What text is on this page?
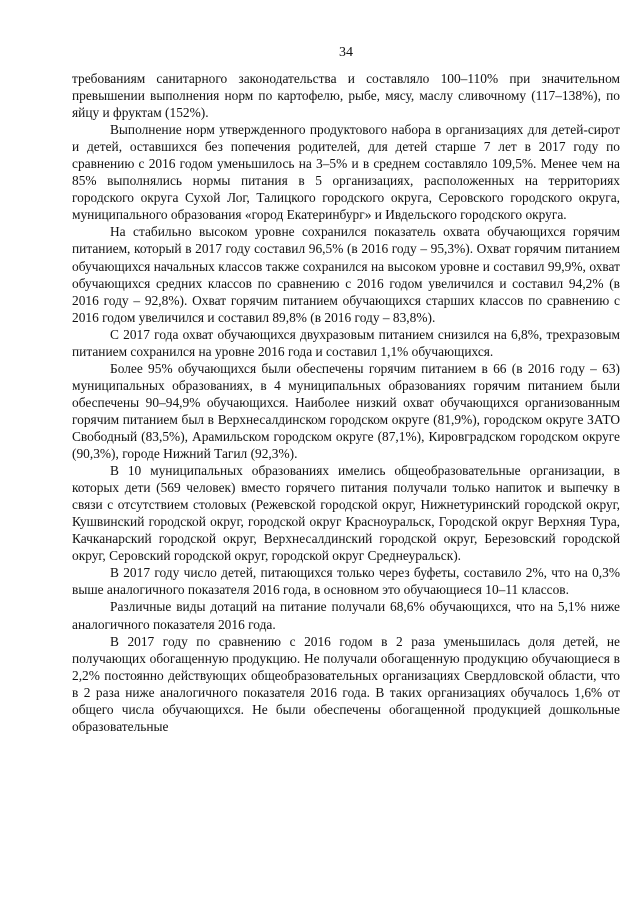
34

требованиям санитарного законодательства и составляло 100–110% при значительном превышении выполнения норм по картофелю, рыбе, мясу, маслу сливочному (117–138%), по яйцу и фруктам (152%).

Выполнение норм утвержденного продуктового набора в организациях для детей-сирот и детей, оставшихся без попечения родителей, для детей старше 7 лет в 2017 году по сравнению с 2016 годом уменьшилось на 3–5% и в среднем составляло 109,5%. Менее чем на 85% выполнялись нормы питания в 5 организациях, расположенных на территориях городского округа Сухой Лог, Талицкого городского округа, Серовского городского округа, муниципального образования «город Екатеринбург» и Ивдельского городского округа.

На стабильно высоком уровне сохранился показатель охвата обучающихся горячим питанием, который в 2017 году составил 96,5% (в 2016 году – 95,3%). Охват горячим питанием обучающихся начальных классов также сохранился на высоком уровне и составил 99,9%, охват обучающихся средних классов по сравнению с 2016 годом увеличился и составил 94,2% (в 2016 году – 92,8%). Охват горячим питанием обучающихся старших классов по сравнению с 2016 годом увеличился и составил 89,8% (в 2016 году – 83,8%).

С 2017 года охват обучающихся двухразовым питанием снизился на 6,8%, трехразовым питанием сохранился на уровне 2016 года и составил 1,1% обучающихся.

Более 95% обучающихся были обеспечены горячим питанием в 66 (в 2016 году – 63) муниципальных образованиях, в 4 муниципальных образованиях горячим питанием были обеспечены 90–94,9% обучающихся. Наиболее низкий охват обучающихся организованным горячим питанием был в Верхнесалдинском городском округе (81,9%), городском округе ЗАТО Свободный (83,5%), Арамильском городском округе (87,1%), Кировградском городском округе (90,3%), городе Нижний Тагил (92,3%).

В 10 муниципальных образованиях имелись общеобразовательные организации, в которых дети (569 человек) вместо горячего питания получали только напиток и выпечку в связи с отсутствием столовых (Режевской городской округ, Нижнетуринский городской округ, Кушвинский городской округ, городской округ Красноуральск, Городской округ Верхняя Тура, Качканарский городской округ, Верхнесалдинский городской округ, Березовский городской округ, Серовский городской округ, городской округ Среднеуральск).

В 2017 году число детей, питающихся только через буфеты, составило 2%, что на 0,3% выше аналогичного показателя 2016 года, в основном это обучающиеся 10–11 классов.

Различные виды дотаций на питание получали 68,6% обучающихся, что на 5,1% ниже аналогичного показателя 2016 года.

В 2017 году по сравнению с 2016 годом в 2 раза уменьшилась доля детей, не получающих обогащенную продукцию. Не получали обогащенную продукцию обучающиеся в 2,2% постоянно действующих общеобразовательных организациях Свердловской области, что в 2 раза ниже аналогичного показателя 2016 года. В таких организациях обучалось 1,6% от общего числа обучающихся. Не были обеспечены обогащенной продукцией дошкольные образовательные
